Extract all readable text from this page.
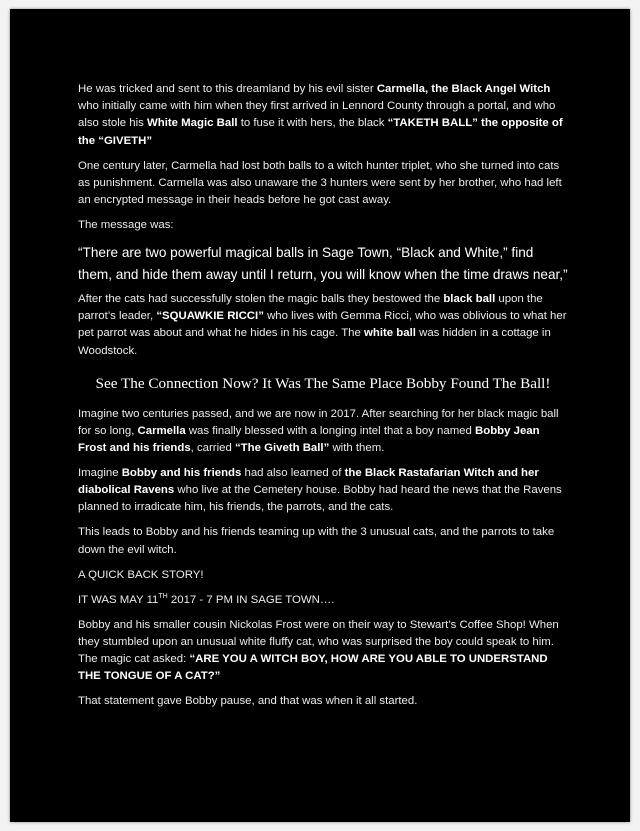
He was tricked and sent to this dreamland by his evil sister Carmella, the Black Angel Witch who initially came with him when they first arrived in Lennord County through a portal, and who also stole his White Magic Ball to fuse it with hers, the black “TAKETH BALL” the opposite of the “GIVETH”

One century later, Carmella had lost both balls to a witch hunter triplet, who she turned into cats as punishment. Carmella was also unaware the 3 hunters were sent by her brother, who had left an encrypted message in their heads before he got cast away.

The message was:

“There are two powerful magical balls in Sage Town, “Black and White,” find them, and hide them away until I return, you will know when the time draws near,”

After the cats had successfully stolen the magic balls they bestowed the black ball upon the parrot’s leader, “SQUAWKIE RICCI” who lives with Gemma Ricci, who was oblivious to what her pet parrot was about and what he hides in his cage. The white ball was hidden in a cottage in Woodstock.

See The Connection Now? It Was The Same Place Bobby Found The Ball!

Imagine two centuries passed, and we are now in 2017. After searching for her black magic ball for so long, Carmella was finally blessed with a longing intel that a boy named Bobby Jean Frost and his friends, carried “The Giveth Ball” with them.

Imagine Bobby and his friends had also learned of the Black Rastafarian Witch and her diabolical Ravens who live at the Cemetery house. Bobby had heard the news that the Ravens planned to irradicate him, his friends, the parrots, and the cats.

This leads to Bobby and his friends teaming up with the 3 unusual cats, and the parrots to take down the evil witch.

A QUICK BACK STORY!

IT WAS MAY 11TH 2017 - 7 PM IN SAGE TOWN….

Bobby and his smaller cousin Nickolas Frost were on their way to Stewart’s Coffee Shop! When they stumbled upon an unusual white fluffy cat, who was surprised the boy could speak to him. The magic cat asked: “ARE YOU A WITCH BOY, HOW ARE YOU ABLE TO UNDERSTAND THE TONGUE OF A CAT?”

That statement gave Bobby pause, and that was when it all started.
